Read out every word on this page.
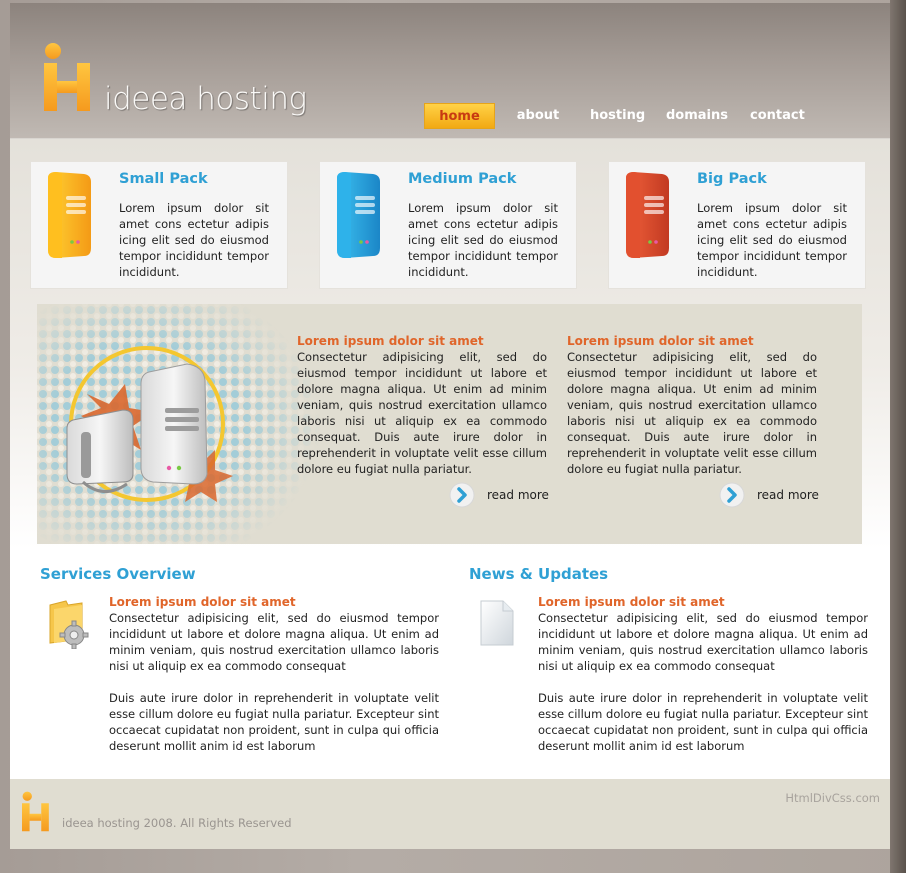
ideea hosting	home	about hosting domains contact
Small Pack

Lorem ipsum dolor sit amet cons ectetur adipis icing elit sed do eiusmod tempor incididunt tempor incididunt.

Medium Pack

Lorem ipsum dolor sit amet cons ectetur adipis icing elit sed do eiusmod tempor incididunt tempor incididunt.

Big Pack

Lorem ipsum dolor sit amet cons ectetur adipis icing elit sed do eiusmod tempor incididunt tempor incididunt.

Lorem ipsum dolor sit amet

Consectetur adipisicing elit, sed do eiusmod tempor incididunt ut labore et dolore magna aliqua. Ut enim ad minim veniam, quis nostrud exercitation ullamco laboris nisi ut aliquip ex ea commodo consequat. Duis aute irure dolor in reprehenderit in voluptate velit esse cillum dolore eu fugiat nulla pariatur.

read more
Lorem ipsum dolor sit amet

Consectetur adipisicing elit, sed do eiusmod tempor incididunt ut labore et dolore magna aliqua. Ut enim ad minim veniam, quis nostrud exercitation ullamco laboris nisi ut aliquip ex ea commodo consequat. Duis aute irure dolor in reprehenderit in voluptate velit esse cillum dolore eu fugiat nulla pariatur.

read more
Services Overview
Lorem ipsum dolor sit amet

Consectetur adipisicing elit, sed do eiusmod tempor incididunt ut labore et dolore magna aliqua. Ut enim ad minim veniam, quis nostrud exercitation ullamco laboris nisi ut aliquip ex ea commodo consequat

Duis aute irure dolor in reprehenderit in voluptate velit esse cillum dolore eu fugiat nulla pariatur. Excepteur sint occaecat cupidatat non proident, sunt in culpa qui officia deserunt mollit anim id est laborum

News & Updates
Lorem ipsum dolor sit amet

Consectetur adipisicing elit, sed do eiusmod tempor incididunt ut labore et dolore magna aliqua. Ut enim ad minim veniam, quis nostrud exercitation ullamco laboris nisi ut aliquip ex ea commodo consequat

Duis aute irure dolor in reprehenderit in voluptate velit esse cillum dolore eu fugiat nulla pariatur. Excepteur sint occaecat cupidatat non proident, sunt in culpa qui officia deserunt mollit anim id est laborum

ideea hosting 2008. All Rights Reserved
HtmlDivCss.com
